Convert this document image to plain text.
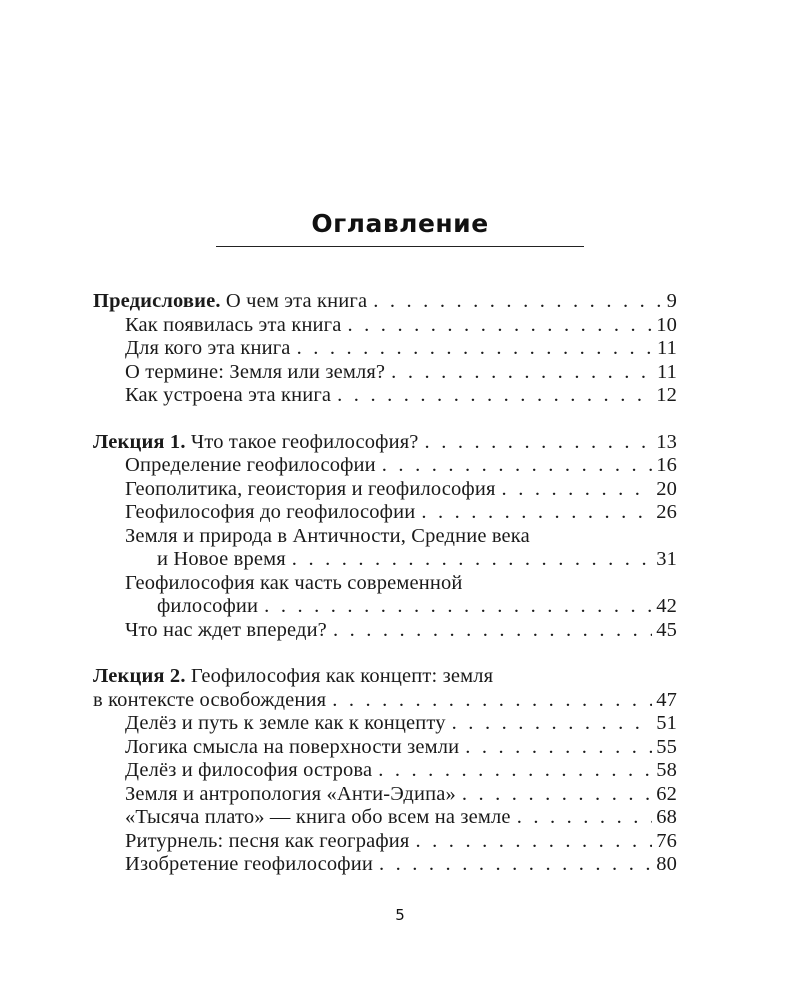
Оглавление
Предисловие. О чем эта книга . . .	9
Как появилась эта книга . . .	10
Для кого эта книга . . .	11
О термине: Земля или земля? . . .	11
Как устроена эта книга . . .	12
Лекция 1. Что такое геофилософия? . . .	13
Определение геофилософии . . .	16
Геополитика, геоистория и геофилософия . . .	20
Геофилософия до геофилософии . . .	26
Земля и природа в Античности, Средние века
и Новое время . . .	31
Геофилософия как часть современной
философии . . .	42
Что нас ждет впереди? . . .	45
Лекция 2. Геофилософия как концепт: земля
в контексте освобождения . . .	47
Делёз и путь к земле как к концепту . . .	51
Логика смысла на поверхности земли . . .	55
Делёз и философия острова . . .	58
Земля и антропология «Анти-Эдипа» . . .	62
«Тысяча плато» — книга обо всем на земле . . .	68
Ритурнель: песня как география . . .	76
Изобретение геофилософии . . .	80
5
